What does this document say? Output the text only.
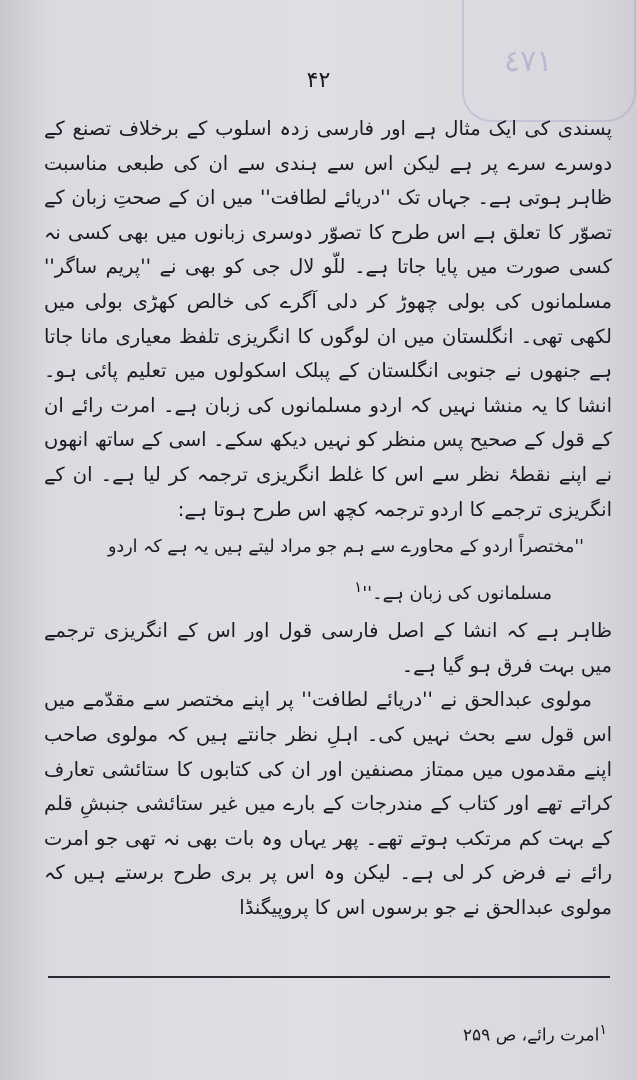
٤٧١
۴۲

پسندی کی ایک مثال ہے اور فارسی زدہ اسلوب کے برخلاف تصنع کے دوسرے سرے پر ہے لیکن اس سے ہندی سے ان کی طبعی مناسبت ظاہر ہوتی ہے۔ جہاں تک ''دریائے لطافت'' میں ان کے صحتِ زبان کے تصوّر کا تعلق ہے اس طرح کا تصوّر دوسری زبانوں میں بھی کسی نہ کسی صورت میں پایا جاتا ہے۔ للّو لال جی کو بھی نے ''پریم ساگر'' مسلمانوں کی بولی چھوڑ کر دلی آگرے کی خالص کھڑی بولی میں لکھی تھی۔ انگلستان میں ان لوگوں کا انگریزی تلفظ معیاری مانا جاتا ہے جنھوں نے جنوبی انگلستان کے پبلک اسکولوں میں تعلیم پائی ہو۔ انشا کا یہ منشا نہیں کہ اردو مسلمانوں کی زبان ہے۔ امرت رائے ان کے قول کے صحیح پس منظر کو نہیں دیکھ سکے۔ اسی کے ساتھ انھوں نے اپنے نقطۂ نظر سے اس کا غلط انگریزی ترجمہ کر لیا ہے۔ ان کے انگریزی ترجمے کا اردو ترجمہ کچھ اس طرح ہوتا ہے:

''مختصراً اردو کے محاورے سے ہم جو مراد لیتے ہیں یہ ہے کہ اردو

مسلمانوں کی زبان $ہے۔''^۱$

ظاہر ہے کہ انشا کے اصل فارسی قول اور اس کے انگریزی ترجمے میں بہت فرق ہو گیا ہے۔

مولوی عبدالحق نے ''دریائے لطافت'' پر اپنے مختصر سے مقدّمے میں اس قول سے بحث نہیں کی۔ اہلِ نظر جانتے ہیں کہ مولوی صاحب اپنے مقدموں میں ممتاز مصنفین اور ان کی کتابوں کا ستائشی تعارف کراتے تھے اور کتاب کے مندرجات کے بارے میں غیر ستائشی جنبشِ قلم کے بہت کم مرتکب ہوتے تھے۔ پھر یہاں وہ بات بھی نہ تھی جو امرت رائے نے فرض کر لی ہے۔ لیکن وہ اس پر بری طرح برستے ہیں کہ مولوی عبدالحق نے جو برسوں اس کا پروپیگنڈا

$^۱$امرت رائے، ص ۲۵۹
